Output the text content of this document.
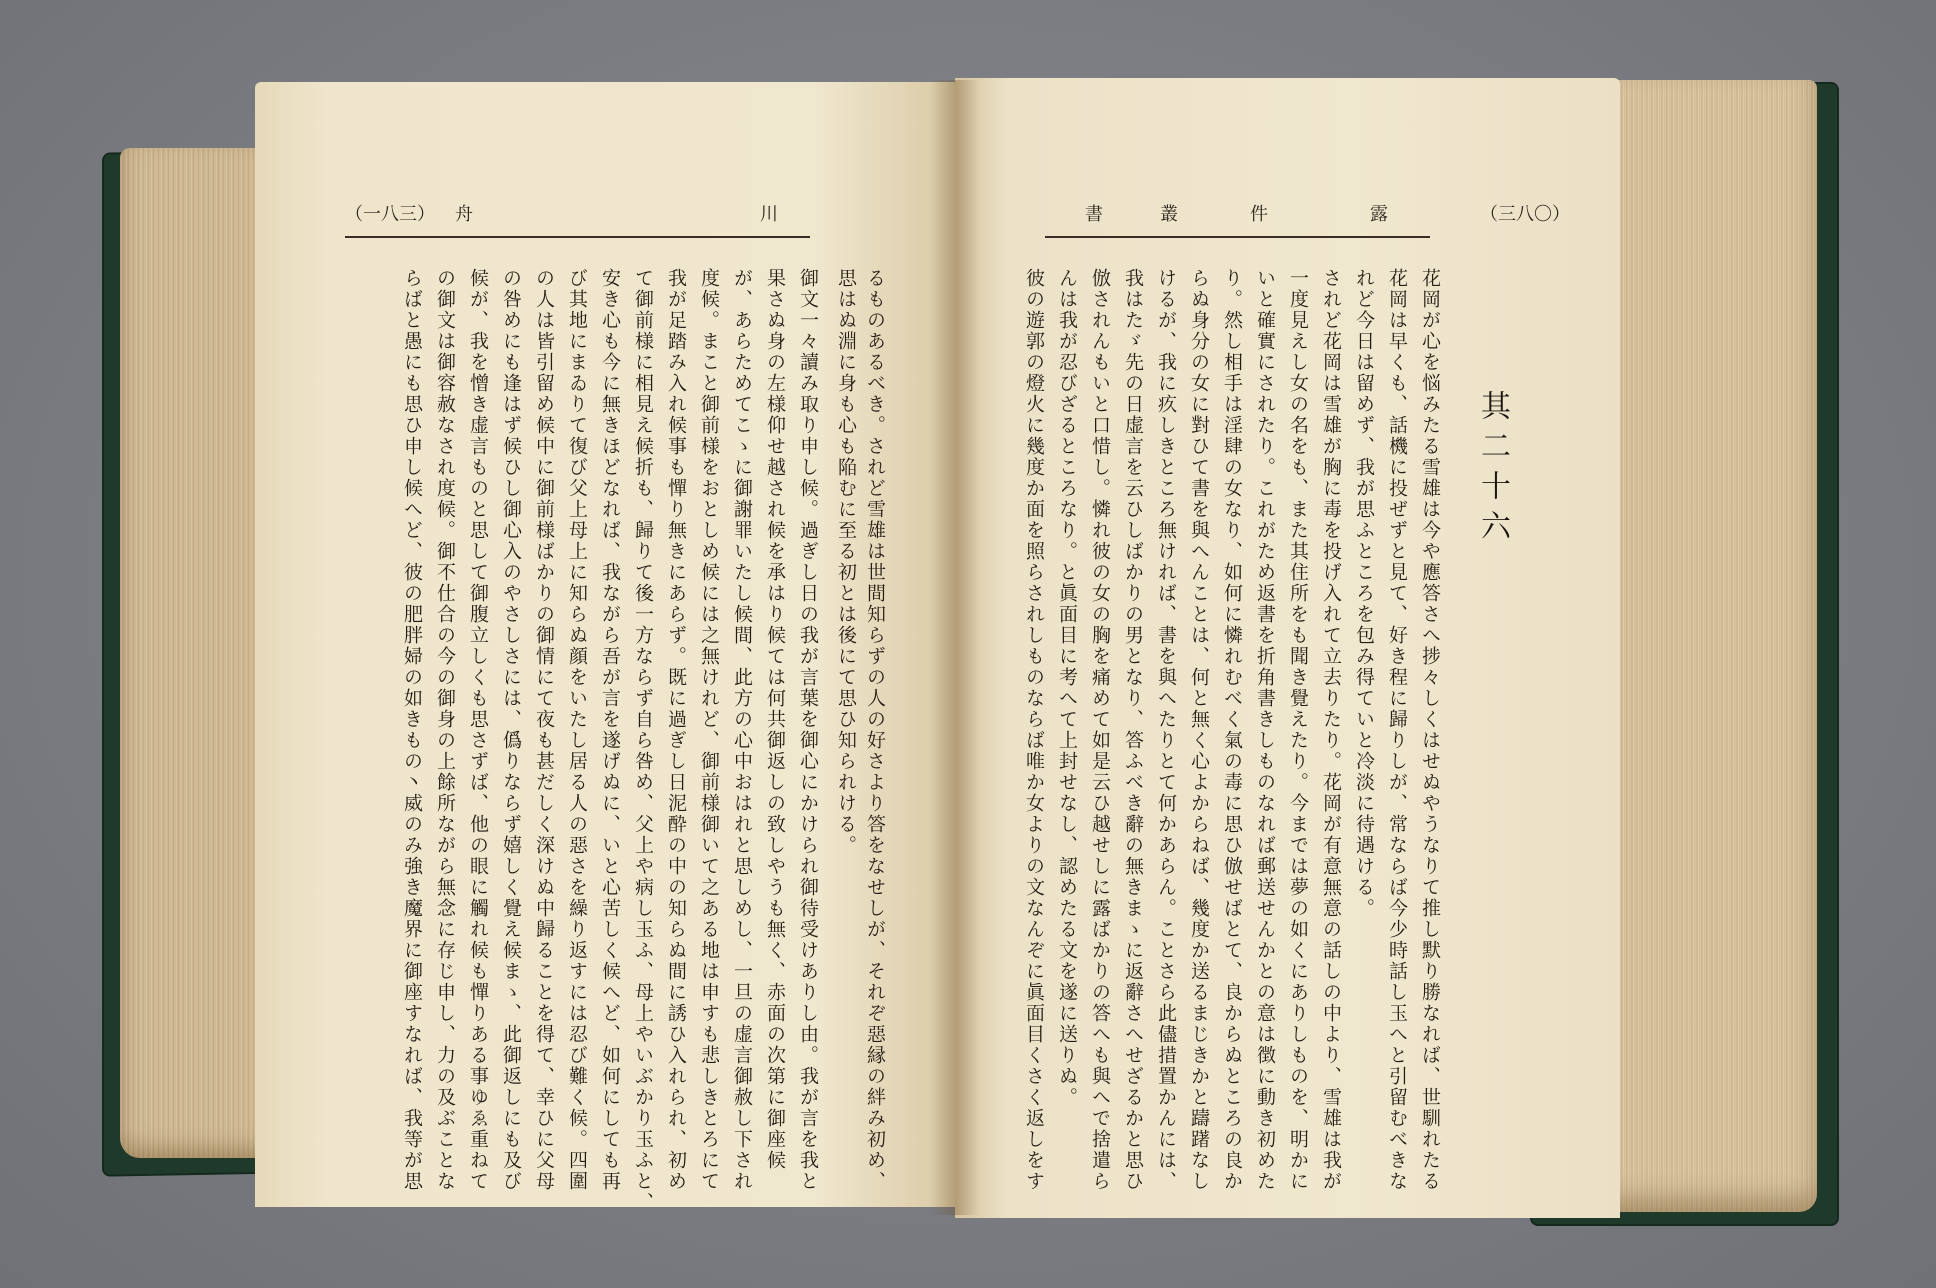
（一八三） 舟	川
るものあるべき。されど雪雄は世間知らずの人の好さより答をなせしが、それぞ惡縁の絆み初め、
思はぬ淵に身も心も陥むに至る初とは後にて思ひ知られける。
御文一々讀み取り申し候。過ぎし日の我が言葉を御心にかけられ御待受けありし由。我が言を我と
果さぬ身の左様仰せ越され候を承はり候ては何共御返しの致しやうも無く、赤面の次第に御座候
が、あらためてこゝに御謝罪いたし候間、此方の心中おはれと思しめし、一旦の虚言御赦し下され
度候。まこと御前様をおとしめ候には之無けれど、御前様御いて之ある地は申すも悲しきとろにて
我が足踏み入れ候事も憚り無きにあらず。既に過ぎし日泥酔の中の知らぬ間に誘ひ入れられ、初め
て御前様に相見え候折も、歸りて後一方ならず自ら咎め、父上や病し玉ふ、母上やいぶかり玉ふと、
安き心も今に無きほどなれば、我ながら吾が言を遂げぬに、いと心苦しく候へど、如何にしても再
び其地にまゐりて復び父上母上に知らぬ顔をいたし居る人の惡さを繰り返すには忍び難く候。四圍
の人は皆引留め候中に御前様ばかりの御情にて夜も甚だしく深けぬ中歸ることを得て、幸ひに父母
の咎めにも逢はず候ひし御心入のやさしさには、僞りならず嬉しく覺え候まゝ、此御返しにも及び
候が、我を憎き虚言ものと思して御腹立しくも思さずば、他の眼に觸れ候も憚りある事ゆゑ重ねて
の御文は御容赦なされ度候。御不仕合の今の御身の上餘所ながら無念に存じ申し、力の及ぶことな
らばと愚にも思ひ申し候へど、彼の肥胖婦の如きもの丶威のみ強き魔界に御座すなれば、我等が思
（三八〇）
露
件
叢
書
其二十六
花岡が心を悩みたる雪雄は今や應答さへ捗々しくはせぬやうなりて推し默り勝なれば、世馴れたる
花岡は早くも、話機に投ぜずと見て、好き程に歸りしが、常ならば今少時話し玉へと引留むべきな
れど今日は留めず、我が思ふところを包み得ていと冷淡に待遇ける。
されど花岡は雪雄が胸に毒を投げ入れて立去りたり。花岡が有意無意の話しの中より、雪雄は我が
一度見えし女の名をも、また其住所をも聞き覺えたり。今までは夢の如くにありしものを、明かに
いと確實にされたり。これがため返書を折角書きしものなれば郵送せんかとの意は徴に動き初めた
り。然し相手は淫肆の女なり、如何に憐れむべく氣の毒に思ひ倣せばとて、良からぬところの良か
らぬ身分の女に對ひて書を與へんことは、何と無く心よからねば、幾度か送るまじきかと躊躇なし
けるが、我に疚しきところ無ければ、書を與へたりとて何かあらん。ことさら此儘措置かんには、
我はたゞ先の日虚言を云ひしばかりの男となり、答ふべき辭の無きまゝに返辭さへせざるかと思ひ
倣されんもいと口惜し。憐れ彼の女の胸を痛めて如是云ひ越せしに露ばかりの答へも與へで捨遣ら
んは我が忍びざるところなり。と眞面目に考へて上封せなし、認めたる文を遂に送りぬ。
彼の遊郭の燈火に幾度か面を照らされしものならば唯か女よりの文なんぞに眞面目くさく返しをす
